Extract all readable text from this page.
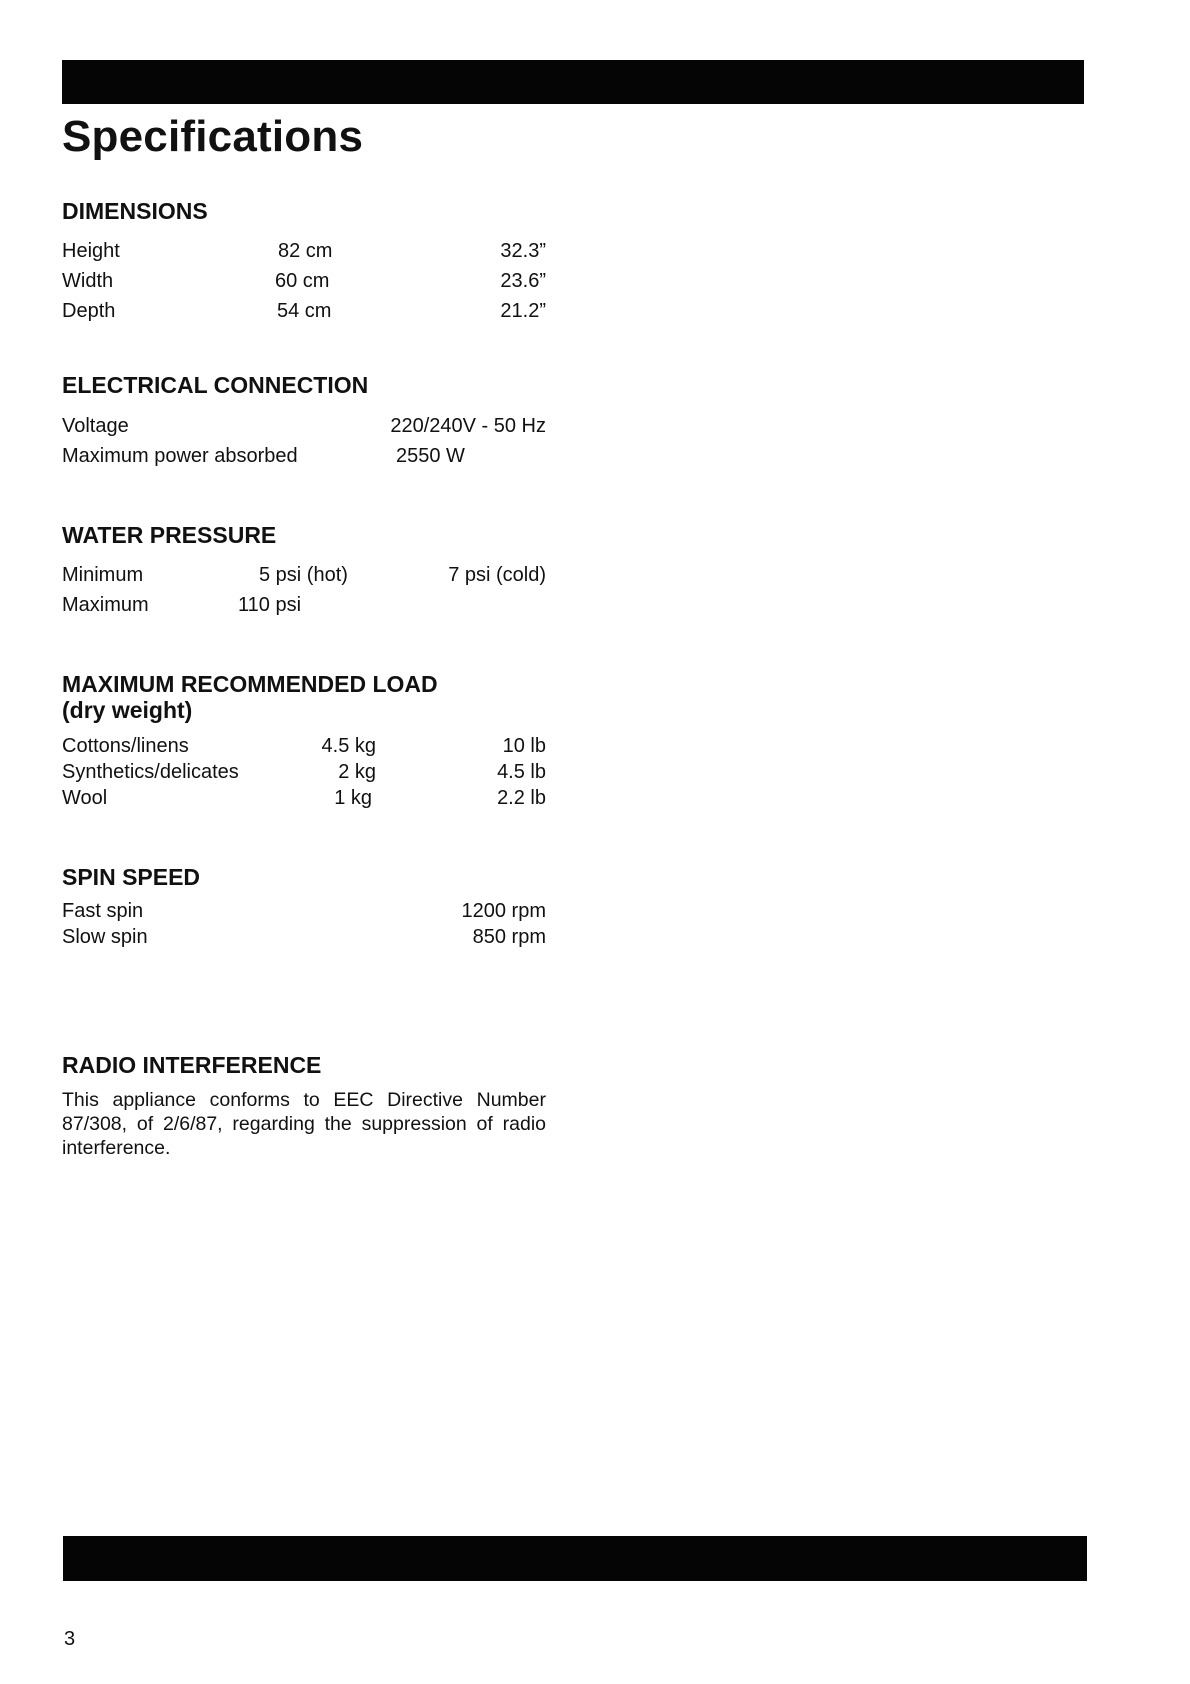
Specifications
DIMENSIONS
Height	82 cm	32.3”
Width	60 cm	23.6”
Depth	54 cm	21.2”
ELECTRICAL CONNECTION
Voltage	220/240V - 50 Hz
Maximum power absorbed	2550 W
WATER PRESSURE
Minimum	5 psi (hot)	7 psi (cold)
Maximum	110 psi
MAXIMUM RECOMMENDED LOAD
(dry weight)
Cottons/linens	4.5 kg	10 lb
Synthetics/delicates	2 kg	4.5 lb
Wool	1 kg	2.2 lb
SPIN SPEED
Fast spin	1200 rpm
Slow spin	850 rpm
RADIO INTERFERENCE

This appliance conforms to EEC Directive Number 87/308, of 2/6/87, regarding the suppression of radio interference.

3
